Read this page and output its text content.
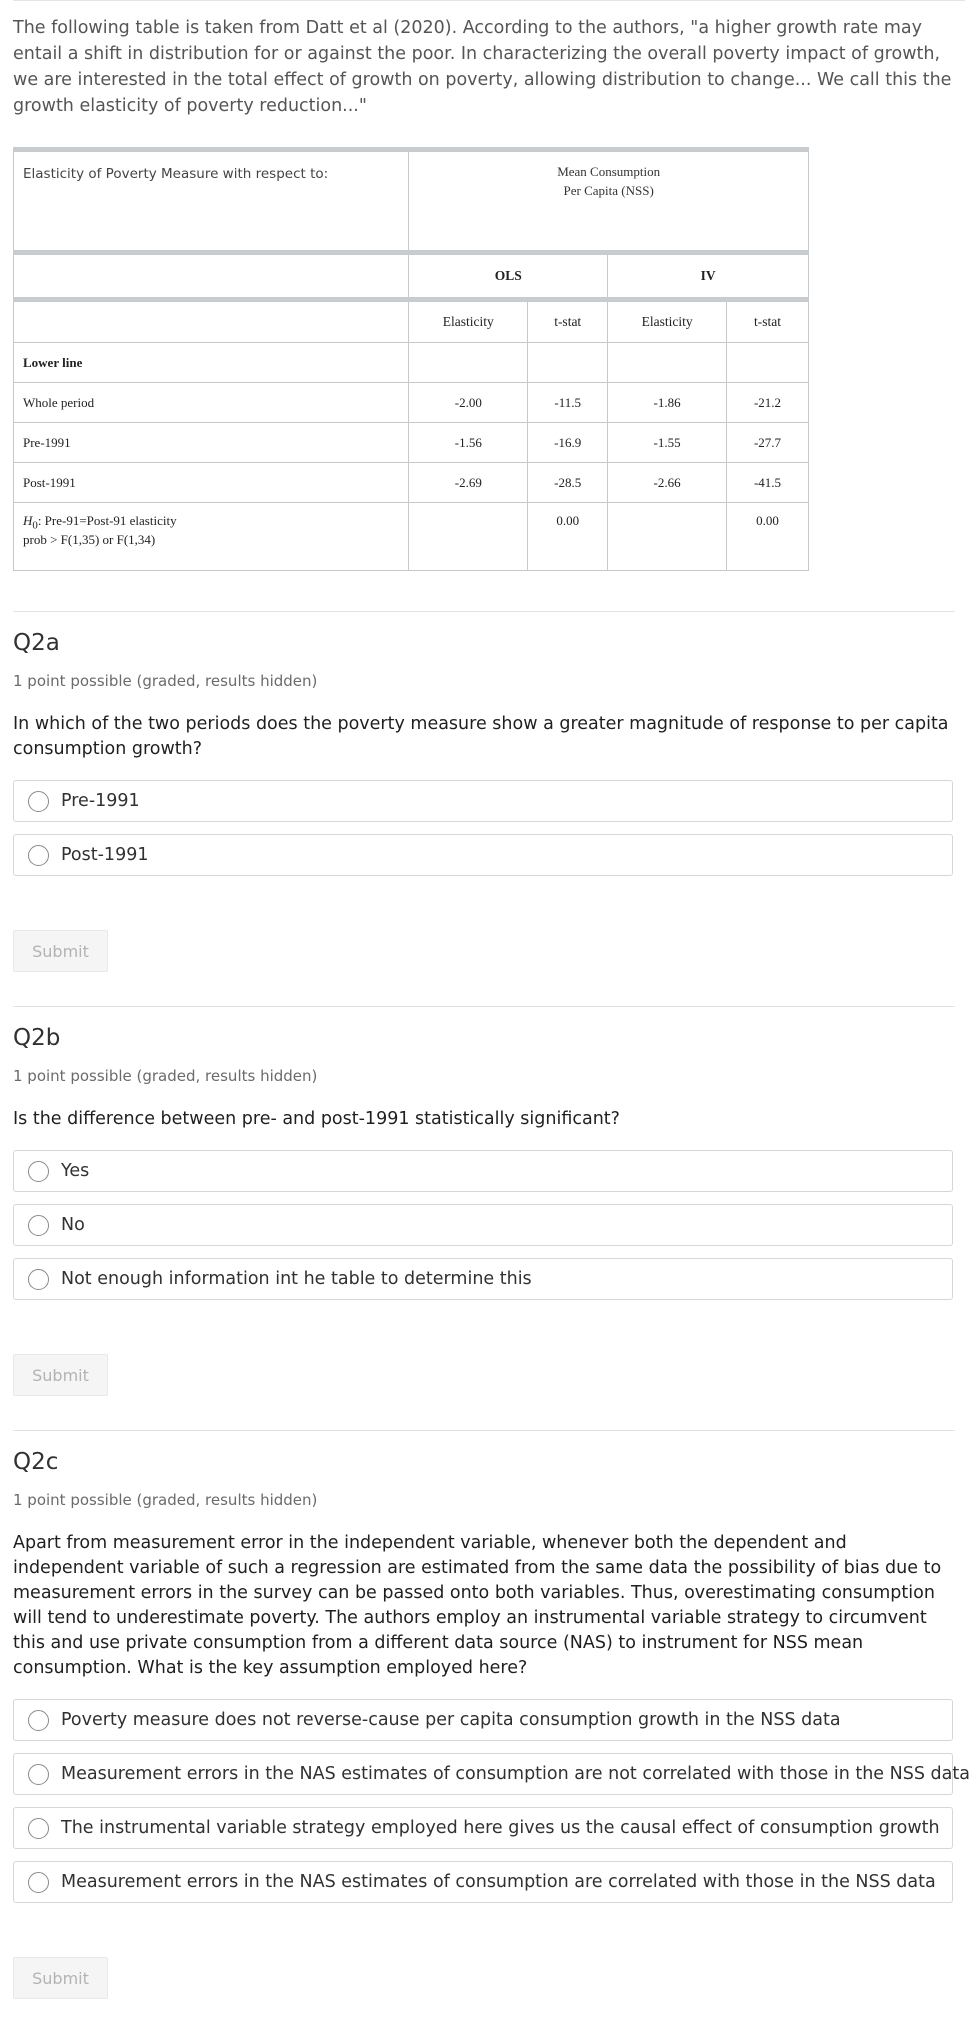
The following table is taken from Datt et al (2020). According to the authors, "a higher growth rate may entail a shift in distribution for or against the poor. In characterizing the overall poverty impact of growth, we are interested in the total effect of growth on poverty, allowing distribution to change... We call this the growth elasticity of poverty reduction..."

Elasticity of Poverty Measure with respect to:	Mean Consumption
Per Capita (NSS)			

	OLS		IV	
	Elasticity	t-stat	Elasticity	t-stat
Lower line				
Whole period	-2.00	-11.5	-1.86	-21.2
Pre-1991	-1.56	-16.9	-1.55	-27.7
Post-1991	-2.69	-28.5	-2.66	-41.5

$H_0$: Pre-91=Post-91 elasticity
prob > F(1,35) or F(1,34)		0.00		0.00
Q2a
1 point possible (graded, results hidden)
In which of the two periods does the poverty measure show a greater magnitude of response to per capita consumption growth?
Pre-1991
Post-1991
Submit
Q2b
1 point possible (graded, results hidden)
Is the difference between pre- and post-1991 statistically significant?
Yes
No
Not enough information int he table to determine this
Submit
Q2c
1 point possible (graded, results hidden)
Apart from measurement error in the independent variable, whenever both the dependent and independent variable of such a regression are estimated from the same data the possibility of bias due to measurement errors in the survey can be passed onto both variables. Thus, overestimating consumption will tend to underestimate poverty. The authors employ an instrumental variable strategy to circumvent this and use private consumption from a different data source (NAS) to instrument for NSS mean consumption. What is the key assumption employed here?
Poverty measure does not reverse-cause per capita consumption growth in the NSS data
Measurement errors in the NAS estimates of consumption are not correlated with those in the NSS data
The instrumental variable strategy employed here gives us the causal effect of consumption growth
Measurement errors in the NAS estimates of consumption are correlated with those in the NSS data
Submit
